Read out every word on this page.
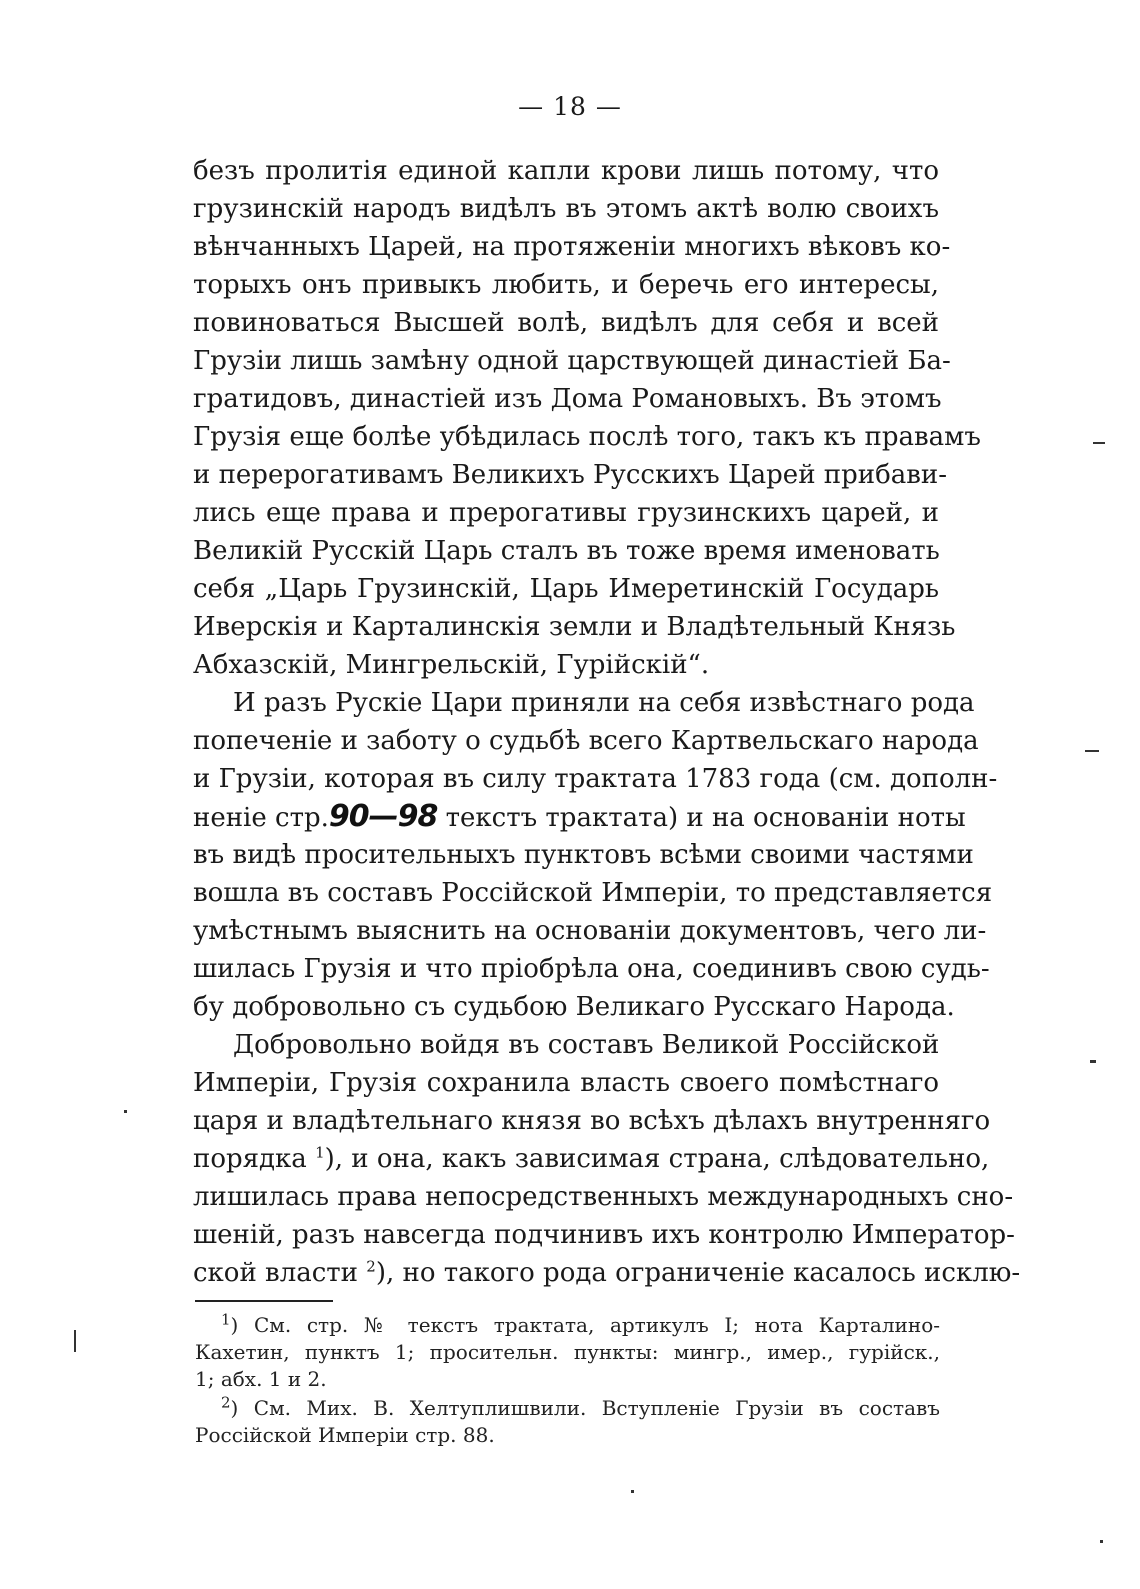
— 18 —
безъ пролитія единой капли крови лишь потому, что
грузинскій народъ видѣлъ въ этомъ актѣ волю своихъ
вѣнчанныхъ Царей, на протяженіи многихъ вѣковъ ко-
торыхъ онъ привыкъ любить, и беречь его интересы,
повиноваться Высшей волѣ, видѣлъ для себя и всей
Грузіи лишь замѣну одной царствующей династіей Ба-
гратидовъ, династіей изъ Дома Романовыхъ. Въ этомъ
Грузія еще болѣе убѣдилась послѣ того, такъ къ правамъ
и перерогативамъ Великихъ Русскихъ Царей прибави-
лись еще права и прерогативы грузинскихъ царей, и
Великій Русскій Царь сталъ въ тоже время именовать
себя „Царь Грузинскій, Царь Имеретинскій Государь
Иверскія и Карталинскія земли и Владѣтельный Князь
Абхазскій, Мингрельскій, Гурійскій“.
И разъ Рускіе Цари приняли на себя извѣстнаго рода
попеченіе и заботу о судьбѣ всего Картвельскаго народа
и Грузіи, которая въ силу трактата 1783 года (см. дополн-
неніе стр.90—98 текстъ трактата) и на основаніи ноты
въ видѣ просительныхъ пунктовъ всѣми своими частями
вошла въ составъ Россійской Имперіи, то представляется
умѣстнымъ выяснить на основаніи документовъ, чего ли-
шилась Грузія и что пріобрѣла она, соединивъ свою судь-
бу добровольно съ судьбою Великаго Русскаго Народа.
Добровольно войдя въ составъ Великой Россійской
Имперіи, Грузія сохранила власть своего помѣстнаго
царя и владѣтельнаго князя во всѣхъ дѣлахъ внутренняго
порядка $^1$), и она, какъ зависимая страна, слѣдовательно,
лишилась права непосредственныхъ международныхъ сно-
шеній, разъ навсегда подчинивъ ихъ контролю Император-
ской власти $^2$), но такого рода ограниченіе касалось исклю-
$^1$) См. стр. № текстъ трактата, артикулъ I; нота Карталино-
Кахетин, пунктъ 1; просительн. пункты: мингр., имер., гурійск.,
1; абх. 1 и 2.
$^2$) См. Мих. В. Хелтуплишвили. Вступленіе Грузіи въ составъ
Россійской Имперіи стр. 88.
